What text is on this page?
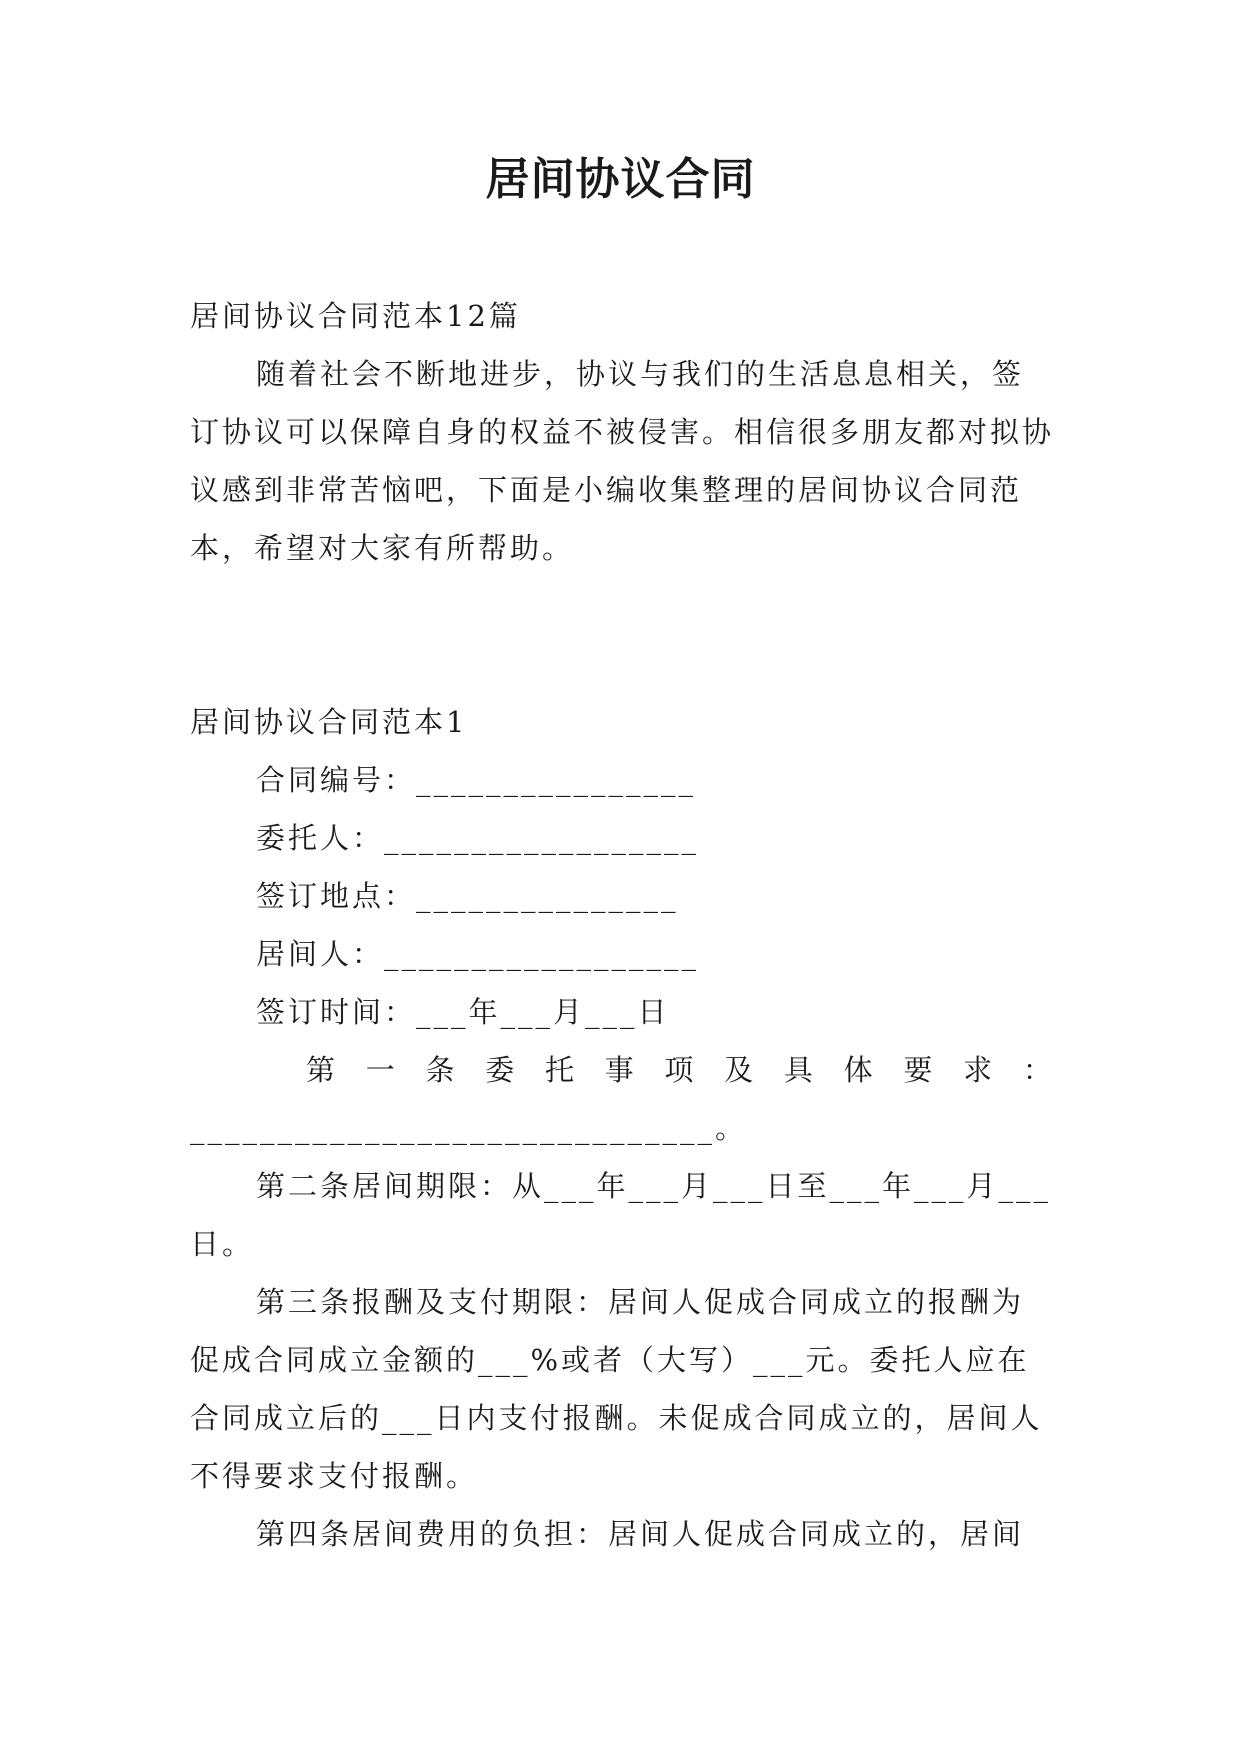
居间协议合同

居间协议合同范本12篇

随着社会不断地进步，协议与我们的生活息息相关，签订协议可以保障自身的权益不被侵害。相信很多朋友都对拟协议感到非常苦恼吧，下面是小编收集整理的居间协议合同范本，希望对大家有所帮助。

居间协议合同范本1

合同编号：________________

委托人：__________________

签订地点：_______________

居间人：__________________

签订时间：___年___月___日

第 一 条 委 托 事 项 及 具 体 要 求 ：

______________________________。

第二条居间期限：从___年___月___日至___年___月___日。

第三条报酬及支付期限：居间人促成合同成立的报酬为促成合同成立金额的___%或者（大写）___元。委托人应在合同成立后的___日内支付报酬。未促成合同成立的，居间人不得要求支付报酬。

第四条居间费用的负担：居间人促成合同成立的，居间
